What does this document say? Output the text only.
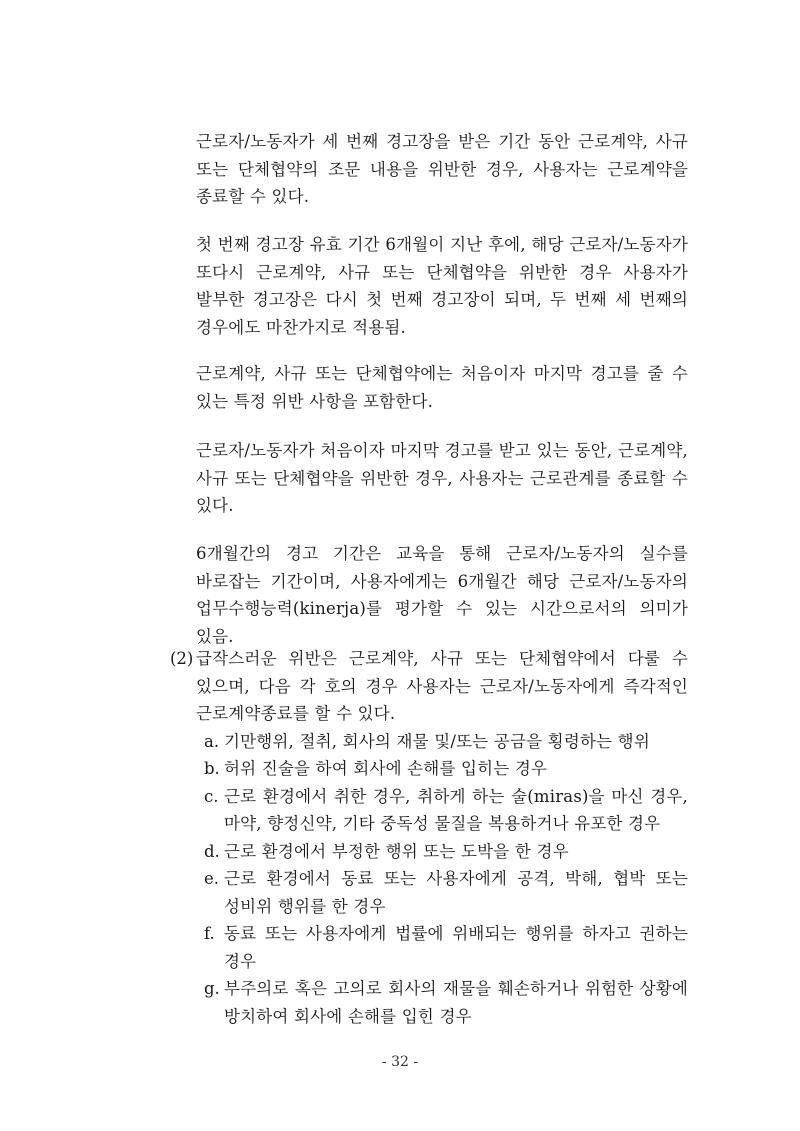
근로자/노동자가 세 번째 경고장을 받은 기간 동안 근로계약, 사규 또는 단체협약의 조문 내용을 위반한 경우, 사용자는 근로계약을 종료할 수 있다.

첫 번째 경고장 유효 기간 6개월이 지난 후에, 해당 근로자/노동자가 또다시 근로계약, 사규 또는 단체협약을 위반한 경우 사용자가 발부한 경고장은 다시 첫 번째 경고장이 되며, 두 번째 세 번째의 경우에도 마찬가지로 적용됨.

근로계약, 사규 또는 단체협약에는 처음이자 마지막 경고를 줄 수 있는 특정 위반 사항을 포함한다.

근로자/노동자가 처음이자 마지막 경고를 받고 있는 동안, 근로계약, 사규 또는 단체협약을 위반한 경우, 사용자는 근로관계를 종료할 수 있다.

6개월간의 경고 기간은 교육을 통해 근로자/노동자의 실수를 바로잡는 기간이며, 사용자에게는 6개월간 해당 근로자/노동자의 업무수행능력(kinerja)를 평가할 수 있는 시간으로서의 의미가 있음.

(2) 급작스러운 위반은 근로계약, 사규 또는 단체협약에서 다룰 수 있으며, 다음 각 호의 경우 사용자는 근로자/노동자에게 즉각적인 근로계약종료를 할 수 있다.
a. 기만행위, 절취, 회사의 재물 및/또는 공금을 횡령하는 행위
b. 허위 진술을 하여 회사에 손해를 입히는 경우
c. 근로 환경에서 취한 경우, 취하게 하는 술(miras)을 마신 경우, 마약, 향정신약, 기타 중독성 물질을 복용하거나 유포한 경우
d. 근로 환경에서 부정한 행위 또는 도박을 한 경우
e. 근로 환경에서 동료 또는 사용자에게 공격, 박해, 협박 또는 성비위 행위를 한 경우
f. 동료 또는 사용자에게 법률에 위배되는 행위를 하자고 권하는 경우
g. 부주의로 혹은 고의로 회사의 재물을 훼손하거나 위험한 상황에 방치하여 회사에 손해를 입힌 경우
- 32 -
